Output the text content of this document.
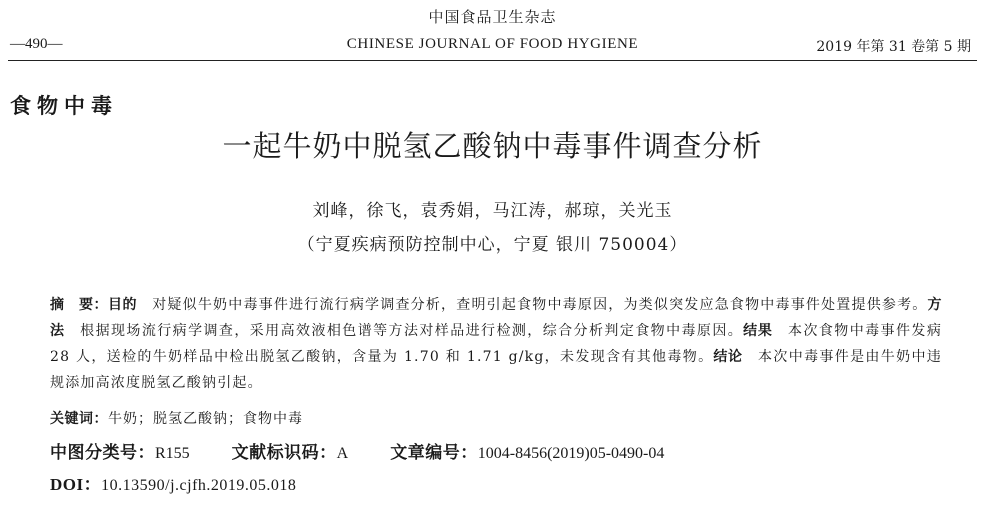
中国食品卫生杂志
—490—	CHINESE JOURNAL OF FOOD HYGIENE	2019 年第 31 卷第 5 期
食物中毒
一起牛奶中脱氢乙酸钠中毒事件调查分析
刘峰，徐飞，袁秀娟，马江涛，郝琼，关光玉
（宁夏疾病预防控制中心，宁夏 银川 750004）
摘　要：目的　对疑似牛奶中毒事件进行流行病学调查分析，查明引起食物中毒原因，为类似突发应急食物中毒事件处置提供参考。方法　根据现场流行病学调查，采用高效液相色谱等方法对样品进行检测，综合分析判定食物中毒原因。结果　本次食物中毒事件发病 28 人，送检的牛奶样品中检出脱氢乙酸钠，含量为 1.70 和 1.71 g/kg，未发现含有其他毒物。结论　本次中毒事件是由牛奶中违规添加高浓度脱氢乙酸钠引起。
关键词：牛奶；脱氢乙酸钠；食物中毒
中图分类号：R155 文献标识码：A 文章编号：1004-8456(2019)05-0490-04
DOI：10.13590/j.cjfh.2019.05.018
